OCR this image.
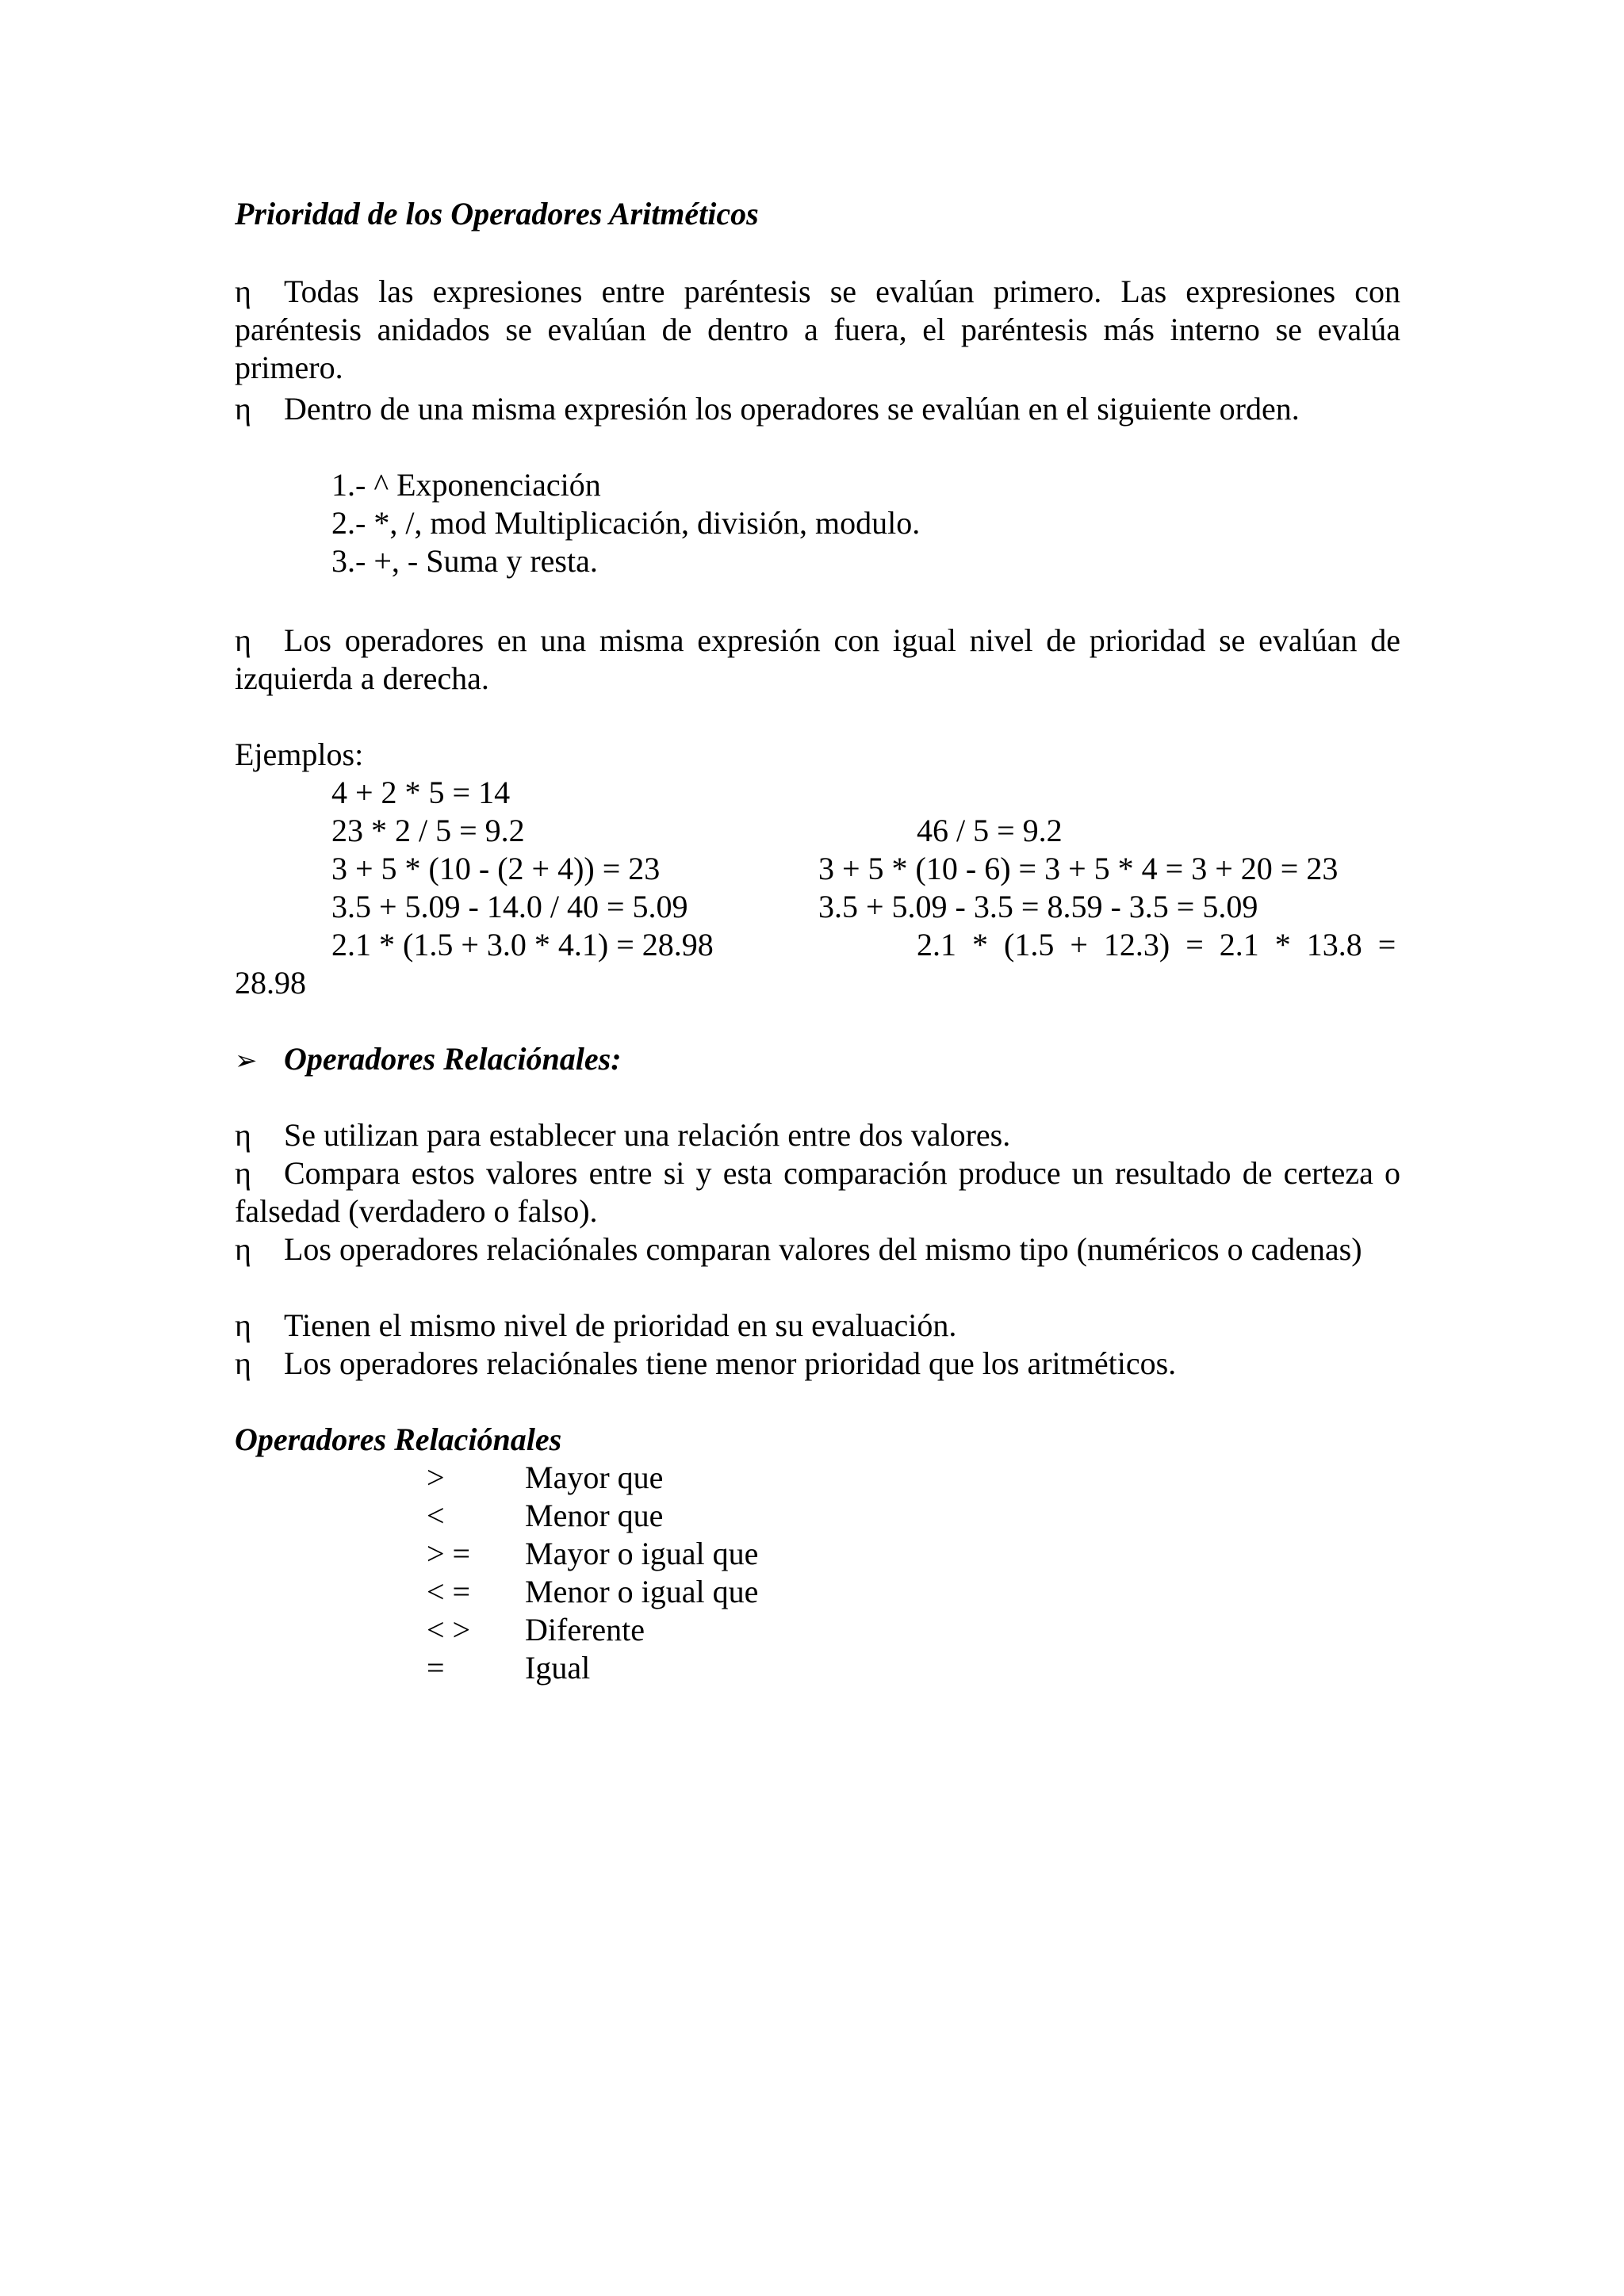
Prioridad de los Operadores Aritméticos
η Todas las expresiones entre paréntesis se evalúan primero. Las expresiones con paréntesis anidados se evalúan de dentro a fuera, el paréntesis más interno se evalúa primero.
η Dentro de una misma expresión los operadores se evalúan en el siguiente orden.
1.- ^ Exponenciación
2.- *, /, mod Multiplicación, división, modulo.
3.- +, - Suma y resta.
η Los operadores en una misma expresión con igual nivel de prioridad se evalúan de izquierda a derecha.
Ejemplos:
4 + 2 * 5 = 14
23 * 2 / 5 = 9.2	46 / 5 = 9.2
3 + 5 * (10 - (2 + 4)) = 23	3 + 5 * (10 - 6) = 3 + 5 * 4 = 3 + 20 = 23
3.5 + 5.09 - 14.0 / 40 = 5.09	3.5 + 5.09 - 3.5 = 8.59 - 3.5 = 5.09
2.1 * (1.5 + 3.0 * 4.1) = 28.98	2.1  *  (1.5  +  12.3)  =  2.1  *  13.8  =
28.98
➢ Operadores Relaciónales:
η Se utilizan para establecer una relación entre dos valores.
η Compara estos valores entre si y esta comparación produce un resultado de certeza o falsedad (verdadero o falso).
η Los operadores relaciónales comparan valores del mismo tipo (numéricos o cadenas)
η Tienen el mismo nivel de prioridad en su evaluación.
η Los operadores relaciónales tiene menor prioridad que los aritméticos.
Operadores Relaciónales
>	Mayor que
<	Menor que
> = Mayor o igual que
< = Menor o igual que
< > Diferente
=	Igual
